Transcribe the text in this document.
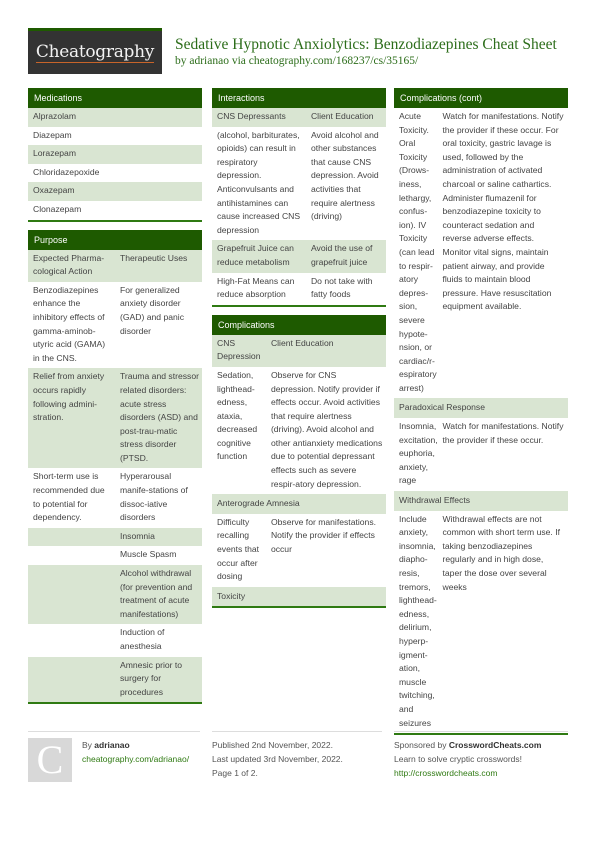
Cheatography Sedative Hypnotic Anxiolytics: Benzodiazepines Cheat Sheet
by adrianao via cheatography.com/168237/cs/35165/
Medications
Alprazolam
Diazepam
Lorazepam
Chloridazepoxide
Oxazepam
Clonazepam
Purpose
Expected Pharma-cological Action
Therapeutic Uses
Benzodiazepines enhance the inhibitory effects of gamma-aminob-utyric acid (GAMA) in the CNS.
For generalized anxiety disorder (GAD) and panic disorder
Relief from anxiety occurs rapidly following admini-stration.
Trauma and stressor related disorders: acute stress disorders (ASD) and post-trau-matic stress disorder (PTSD.
Short-term use is recommended due to potential for dependency.
Hyperarousal manife-stations of dissoc-iative disorders
Insomnia
Muscle Spasm
Alcohol withdrawal (for prevention and treatment of acute manifestations)
Induction of anesthesia
Amnesic prior to surgery for procedures
Interactions
CNS Depressants	Client Education
(alcohol, barbiturates, opioids) can result in respiratory depression. Anticonvulsants and antihistamines can cause increased CNS depression
Avoid alcohol and other substances that cause CNS depression. Avoid activities that require alertness (driving)
Grapefruit Juice can reduce metabolism
Avoid the use of grapefruit juice
High-Fat Means can reduce absorption
Do not take with fatty foods
Complications
CNS Depression
Client Education
Sedation, lighthead-edness, ataxia, decreased cognitive function
Observe for CNS depression. Notify provider if effects occur. Avoid activities that require alertness (driving). Avoid alcohol and other antianxiety medications due to potential depressant effects such as severe respir-atory depression.
Anterograde Amnesia
Difficulty recalling events that occur after dosing
Observe for manifestations. Notify the provider if effects occur
Toxicity
Complications (cont)
Acute Toxicity. Oral Toxicity (Drows-iness, lethargy, confus-ion). IV Toxicity (can lead to respir-atory depres-sion, severe hypote-nsion, or cardiac/r-espiratory arrest)
Watch for manifestations. Notify the provider if these occur. For oral toxicity, gastric lavage is used, followed by the administration of activated charcoal or saline cathartics. Administer flumazenil for benzodiazepine toxicity to counteract sedation and reverse adverse effects. Monitor vital signs, maintain patient airway, and provide fluids to maintain blood pressure. Have resuscitation equipment available.
Paradoxical Response
Insomnia, excitation, euphoria, anxiety, rage
Watch for manifestations. Notify the provider if these occur.
Withdrawal Effects
Include anxiety, insomnia, diapho-resis, tremors, lighthead-edness, delirium, hyperp-igment-ation, muscle twitching, and seizures
Withdrawal effects are not common with short term use. If taking benzodiazepines regularly and in high dose, taper the dose over several weeks
C	By adrianao
cheatography.com/adrianao/
Published 2nd November, 2022.
Last updated 3rd November, 2022.
Page 1 of 2.
Sponsored by CrosswordCheats.com
Learn to solve cryptic crosswords!
http://crosswordcheats.com
